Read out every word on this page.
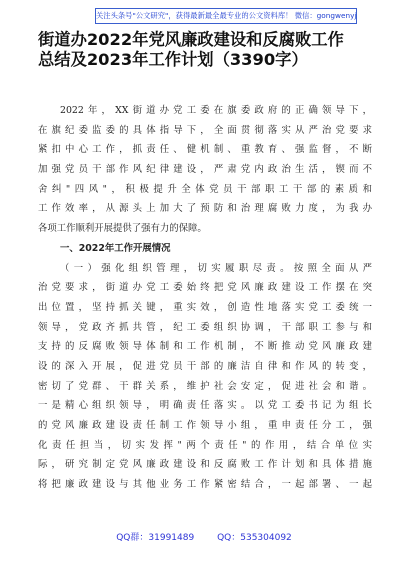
关注头条号"公文研究"，获得最新最全最专业的公文资料库！ 微信：gongwenyj
街道办2022年党风廉政建设和反腐败工作
总结及2023年工作计划（3390字）
2022年，XX街道办党工委在旗委政府的正确领导下，
在旗纪委监委的具体指导下，全面贯彻落实从严治党要求
紧扣中心工作，抓责任、健机制、重教育、强监督，不断
加强党员干部作风纪律建设，严肃党内政治生活，锲而不
舍纠"四风"，积极提升全体党员干部职工干部的素质和
工作效率，从源头上加大了预防和治理腐败力度，为我办
各项工作顺利开展提供了强有力的保障。
一、2022年工作开展情况
（一）强化组织管理，切实履职尽责。按照全面从严
治党要求，街道办党工委始终把党风廉政建设工作摆在突
出位置，坚持抓关键，重实效，创造性地落实党工委统一
领导，党政齐抓共管，纪工委组织协调，干部职工参与和
支持的反腐败领导体制和工作机制，不断推动党风廉政建
设的深入开展，促进党员干部的廉洁自律和作风的转变，
密切了党群、干群关系，维护社会安定，促进社会和谐。
一是精心组织领导，明确责任落实。以党工委书记为组长
的党风廉政建设责任制工作领导小组，重申责任分工，强
化责任担当，切实发挥"两个责任"的作用，结合单位实
际，研究制定党风廉政建设和反腐败工作计划和具体措施
将把廉政建设与其他业务工作紧密结合，一起部署、一起
QQ群：31991489	QQ：535304092
